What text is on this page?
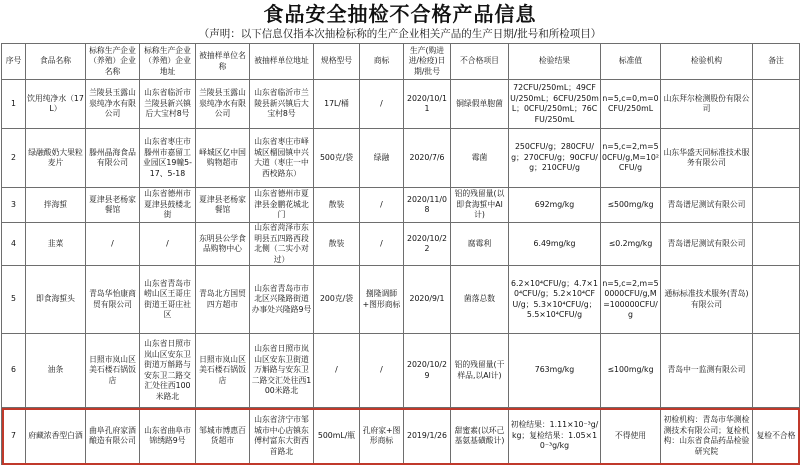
食品安全抽检不合格产品信息
（声明：以下信息仅指本次抽检标称的生产企业相关产品的生产日期/批号和所检项目）
序号	食品名称	标称生产企业（养殖）企业名称	标称生产企业（养殖）企业地址	被抽样单位名称	被抽样单位地址	规格型号	商标	生产(购进进/检疫)日期/批号	不合格项目	检验结果	标准值	检验机构	备注
1	饮用纯净水（17L）	兰陵县玉露山泉纯净水有限公司	山东省临沂市兰陵县新兴镇后大宝村8号	兰陵县玉露山泉纯净水有限公司	山东省临沂市兰陵县新兴镇后大宝村8号	17L/桶	/	2020/10/11	铜绿假单胞菌	72CFU/250mL；49CFU/250mL；6CFU/250mL；0CFU/250mL；76CFU/250mL	n=5,c=0,m=0CFU/250mL	山东拜尔检测股份有限公司	
2	绿融酸奶大果粒麦片	滕州晶海食品有限公司	山东省枣庄市滕州市嘉留工业园区19幢5-17、5-18	峄城区亿中国购物超市	山东省枣庄市峄城区榴园镇中兴大道（枣庄一中西校路东）	500克/袋	绿融	2020/7/6	霉菌	250CFU/g；280CFU/g；270CFU/g；90CFU/g；210CFU/g	n=5,c=2,m=50CFU/g,M=10²CFU/g	山东华盛天同标准技术服务有限公司	
3	拌海蜇	夏津县老杨家餐馆	山东省德州市夏津县鼓楼北街	夏津县老杨家餐馆	山东省德州市夏津县金鹏花城北门	散装	/	2020/11/08	铝的残留量(以即食海蜇中Al计)	692mg/kg	≤500mg/kg	青岛谱尼测试有限公司	
4	韭菜	/	/	东明县公学食品购物中心	山东省菏泽市东明县五四路西段北侧（二实小对过）	散装	/	2020/10/22	腐霉利	6.49mg/kg	≤0.2mg/kg	青岛谱尼测试有限公司	
5	即食海蜇头	青岛华怡康商贸有限公司	山东省青岛市崂山区王哥庄街道王哥庄社区	青岛北方国贸四方超市	山东省青岛市市北区兴隆路街道办事处兴隆路9号	200克/袋	捌隆调師+图形商标	2020/9/1	菌落总数	6.2×10⁴CFU/g；4.7×10⁴CFU/g；5.2×10⁴CFU/g；5.3×10⁴CFU/g；5.5×10⁴CFU/g	n=5,c=2,m=50000CFU/g,M=100000CFU/g	通标标准技术服务(青岛)有限公司	
6	油条	日照市岚山区美石楼石锅饭店	山东省日照市岚山区安东卫街道万斛路与安东卫二路交汇处往西100米路北	日照市岚山区美石楼石锅饭店	山东省日照市岚山区安东卫街道万斛路与安东卫二路交汇处往西100米路北	/	/	2020/10/29	铝的残留量(干样品,以Al计)	763mg/kg	≤100mg/kg	青岛中一监测有限公司	
7	府藏浓香型白酒	曲阜孔府家酒酿造有限公司	山东省曲阜市锦绣路9号	邹城市博惠百货超市	山东省济宁市邹城市中心店镇东傅村富东大街西首路北	500mL/瓶	孔府家+图形商标	2019/1/26	甜蜜素(以环己基氨基磺酸计)	初检结果：1.11×10⁻³g/kg；复检结果：1.05×10⁻³g/kg	不得使用	初检机构：青岛市华测检测技术有限公司；复检机构：山东省食品药品检验研究院	复检不合格
